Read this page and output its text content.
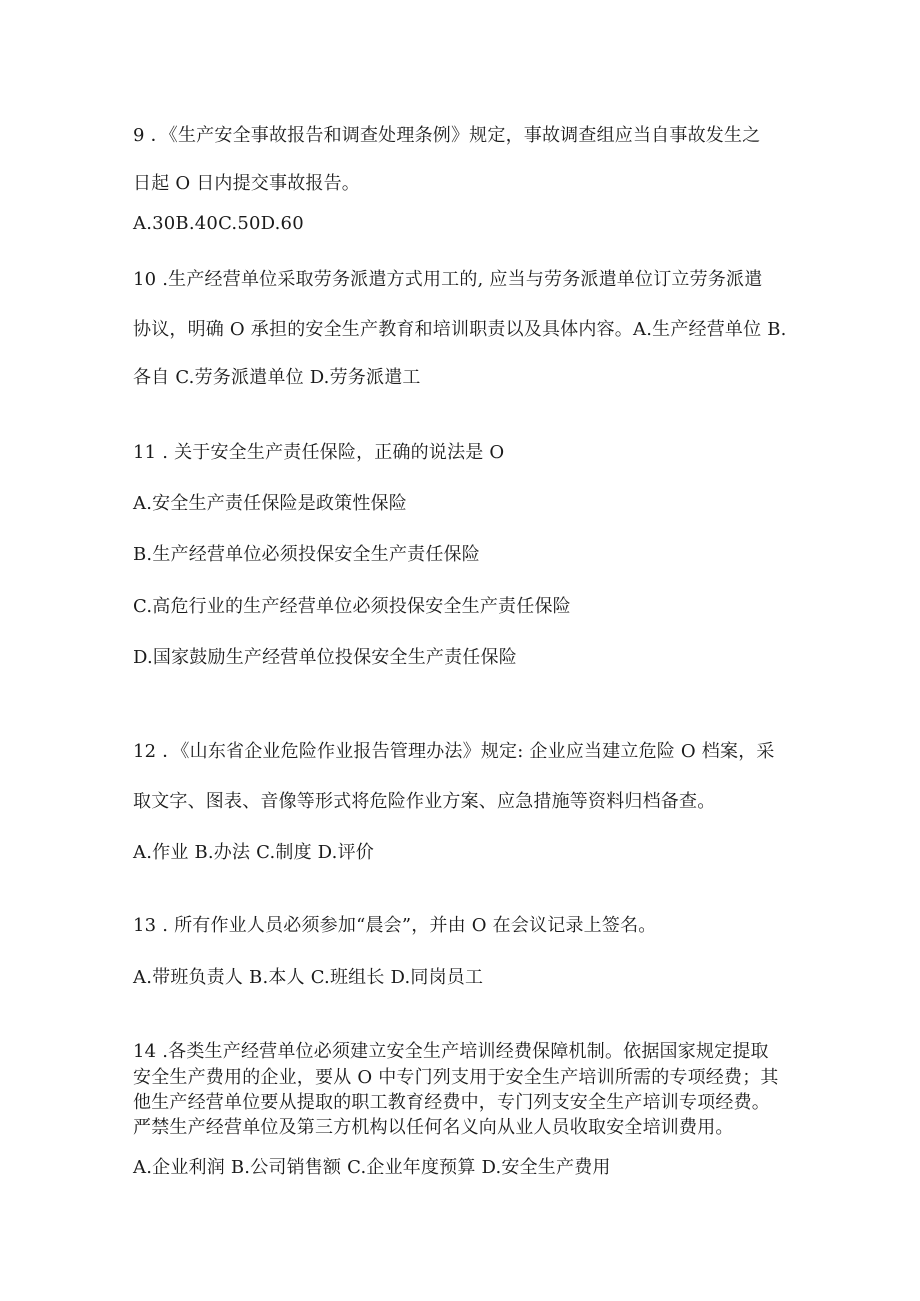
9 ．《生产安全事故报告和调查处理条例》规定，事故调查组应当自事故发生之
日起 O 日内提交事故报告。
A.30B.40C.50D.60
10 .生产经营单位采取劳务派遣方式用工的, 应当与劳务派遣单位订立劳务派遣
协议，明确 O 承担的安全生产教育和培训职责以及具体内容。A.生产经营单位 B.
各自 C.劳务派遣单位 D.劳务派遣工
11 . 关于安全生产责任保险，正确的说法是 O
A.安全生产责任保险是政策性保险
B.生产经营单位必须投保安全生产责任保险
C.高危行业的生产经营单位必须投保安全生产责任保险
D.国家鼓励生产经营单位投保安全生产责任保险
12 ．《山东省企业危险作业报告管理办法》规定: 企业应当建立危险 O 档案，采
取文字、图表、音像等形式将危险作业方案、应急措施等资料归档备查。
A.作业 B.办法 C.制度 D.评价
13 . 所有作业人员必须参加“晨会”，并由 O 在会议记录上签名。
A.带班负责人 B.本人 C.班组长 D.同岗员工
14 .各类生产经营单位必须建立安全生产培训经费保障机制。依据国家规定提取
安全生产费用的企业，要从 O 中专门列支用于安全生产培训所需的专项经费；其
他生产经营单位要从提取的职工教育经费中，专门列支安全生产培训专项经费。
严禁生产经营单位及第三方机构以任何名义向从业人员收取安全培训费用。
A.企业利润 B.公司销售额 C.企业年度预算 D.安全生产费用
